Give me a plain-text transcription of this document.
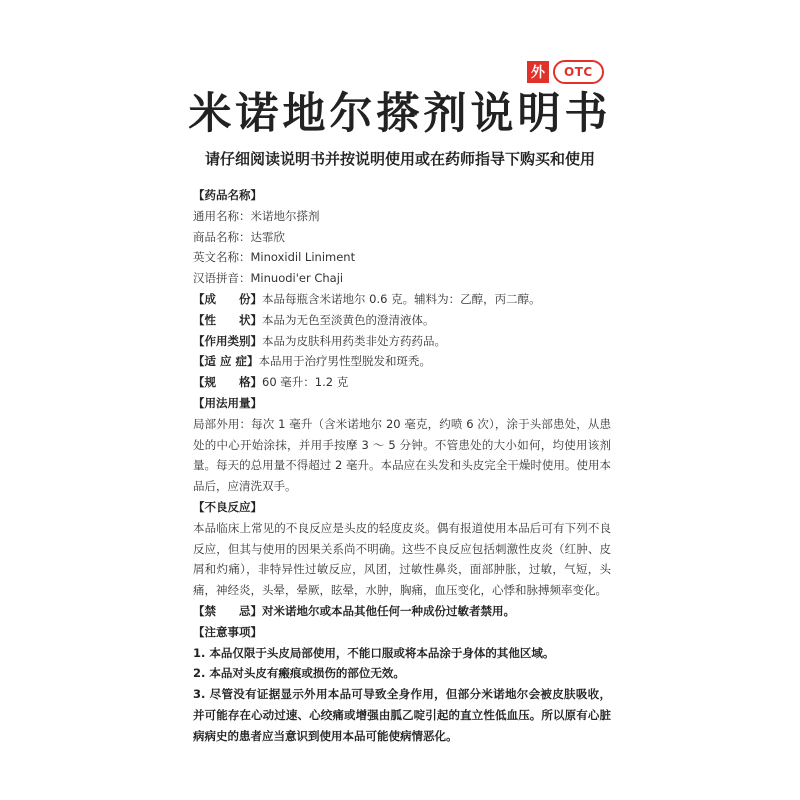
外	OTC
米诺地尔搽剂说明书
请仔细阅读说明书并按说明使用或在药师指导下购买和使用
【药品名称】
通用名称：米诺地尔搽剂
商品名称：达霏欣
英文名称：Minoxidil Liniment
汉语拼音：Minuodi'er Chaji
【成　　份】本品每瓶含米诺地尔 0.6 克。辅料为：乙醇，丙二醇。
【性　　状】本品为无色至淡黄色的澄清液体。
【作用类别】本品为皮肤科用药类非处方药药品。
【适 应 症】本品用于治疗男性型脱发和斑秃。
【规　　格】60 毫升：1.2 克
【用法用量】
局部外用：每次 1 毫升（含米诺地尔 20 毫克，约喷 6 次），涂于头部患处，从患处的中心开始涂抹，并用手按摩 3 ～ 5 分钟。不管患处的大小如何，均使用该剂量。每天的总用量不得超过 2 毫升。本品应在头发和头皮完全干燥时使用。使用本品后，应清洗双手。
【不良反应】
本品临床上常见的不良反应是头皮的轻度皮炎。偶有报道使用本品后可有下列不良反应，但其与使用的因果关系尚不明确。这些不良反应包括刺激性皮炎（红肿、皮屑和灼痛），非特异性过敏反应，风团，过敏性鼻炎，面部肿胀，过敏，气短，头痛，神经炎，头晕，晕厥，眩晕，水肿，胸痛，血压变化，心悸和脉搏频率变化。
【禁　　忌】对米诺地尔或本品其他任何一种成份过敏者禁用。
【注意事项】
1. 本品仅限于头皮局部使用，不能口服或将本品涂于身体的其他区域。
2. 本品对头皮有瘢痕或损伤的部位无效。
3. 尽管没有证据显示外用本品可导致全身作用，但部分米诺地尔会被皮肤吸收，并可能存在心动过速、心绞痛或增强由胍乙啶引起的直立性低血压。所以原有心脏病病史的患者应当意识到使用本品可能使病情恶化。
